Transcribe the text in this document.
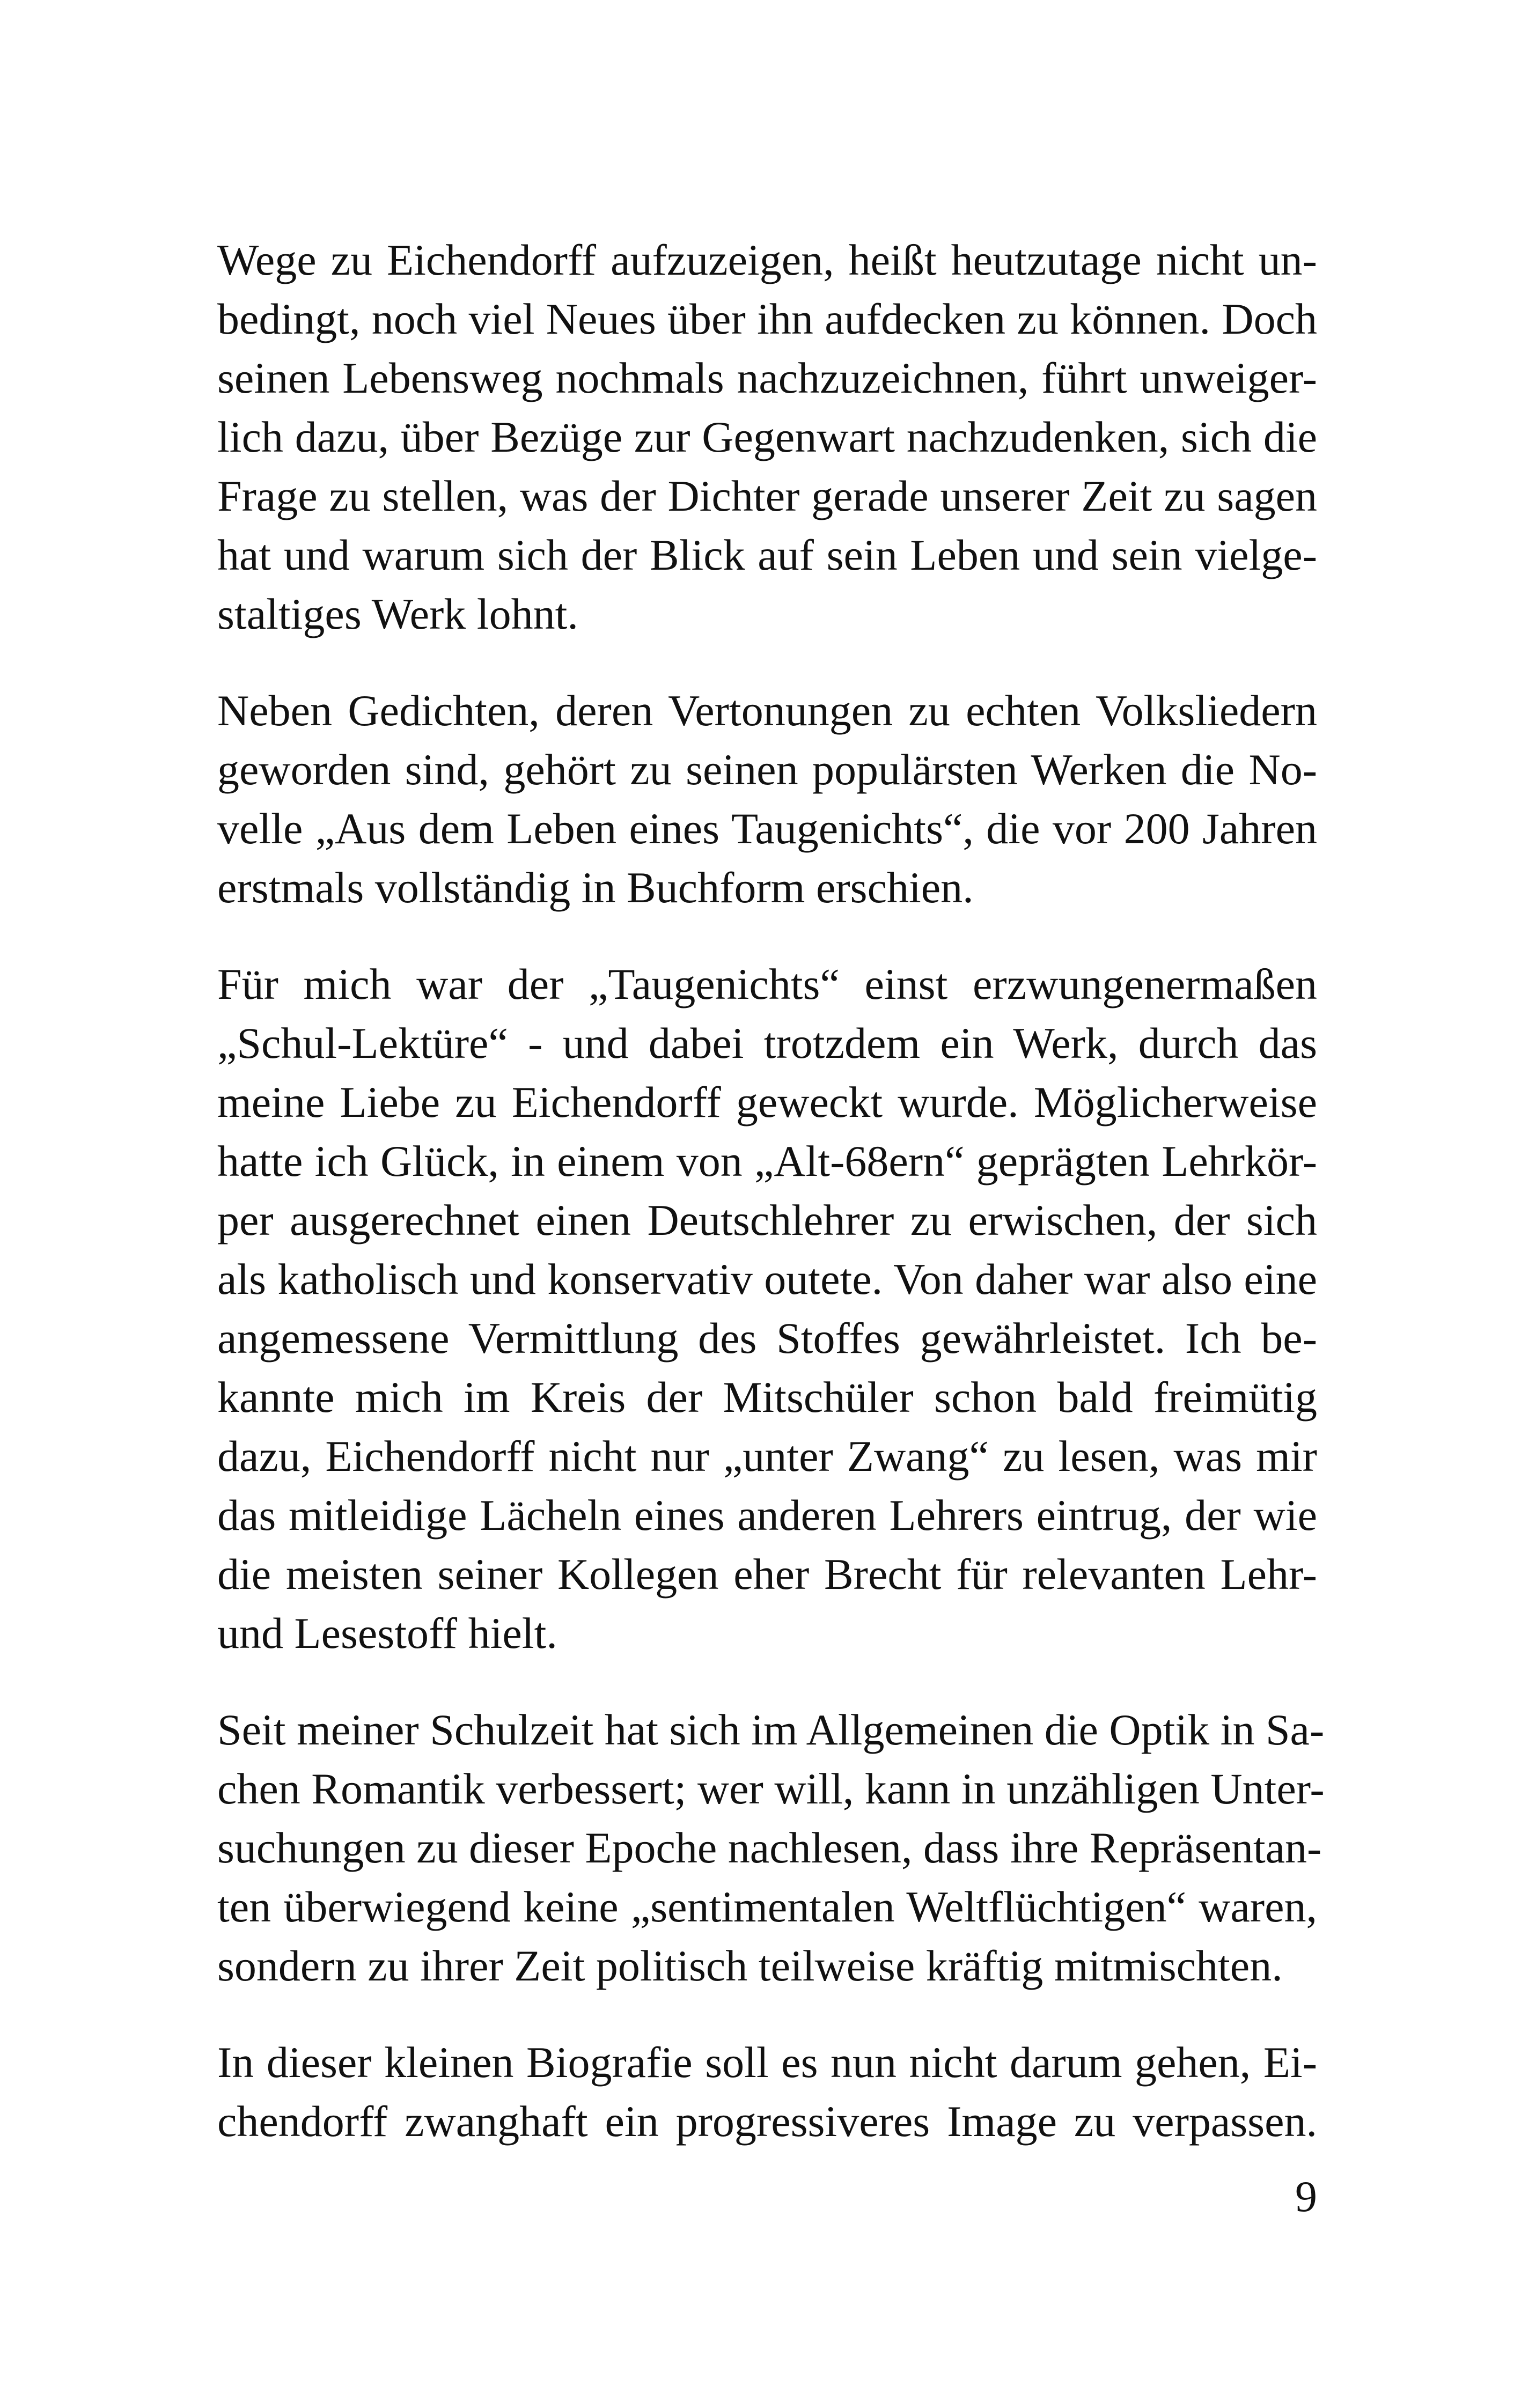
Wege zu Eichendorff aufzuzeigen, heißt heutzutage nicht un-
bedingt, noch viel Neues über ihn aufdecken zu können. Doch
seinen Lebensweg nochmals nachzuzeichnen, führt unweiger-
lich dazu, über Bezüge zur Gegenwart nachzudenken, sich die
Frage zu stellen, was der Dichter gerade unserer Zeit zu sagen
hat und warum sich der Blick auf sein Leben und sein vielge-
staltiges Werk lohnt.

Neben Gedichten, deren Vertonungen zu echten Volksliedern
geworden sind, gehört zu seinen populärsten Werken die No-
velle „Aus dem Leben eines Taugenichts“, die vor 200 Jahren
erstmals vollständig in Buchform erschien.

Für mich war der „Taugenichts“ einst erzwungenermaßen
„Schul-Lektüre“ - und dabei trotzdem ein Werk, durch das
meine Liebe zu Eichendorff geweckt wurde. Möglicherweise
hatte ich Glück, in einem von „Alt-68ern“ geprägten Lehrkör-
per ausgerechnet einen Deutschlehrer zu erwischen, der sich
als katholisch und konservativ outete. Von daher war also eine
angemessene Vermittlung des Stoffes gewährleistet. Ich be-
kannte mich im Kreis der Mitschüler schon bald freimütig
dazu, Eichendorff nicht nur „unter Zwang“ zu lesen, was mir
das mitleidige Lächeln eines anderen Lehrers eintrug, der wie
die meisten seiner Kollegen eher Brecht für relevanten Lehr-
und Lesestoff hielt.

Seit meiner Schulzeit hat sich im Allgemeinen die Optik in Sa-
chen Romantik verbessert; wer will, kann in unzähligen Unter-
suchungen zu dieser Epoche nachlesen, dass ihre Repräsentan-
ten überwiegend keine „sentimentalen Weltflüchtigen“ waren,
sondern zu ihrer Zeit politisch teilweise kräftig mitmischten.

In dieser kleinen Biografie soll es nun nicht darum gehen, Ei-
chendorff zwanghaft ein progressiveres Image zu verpassen.

9
